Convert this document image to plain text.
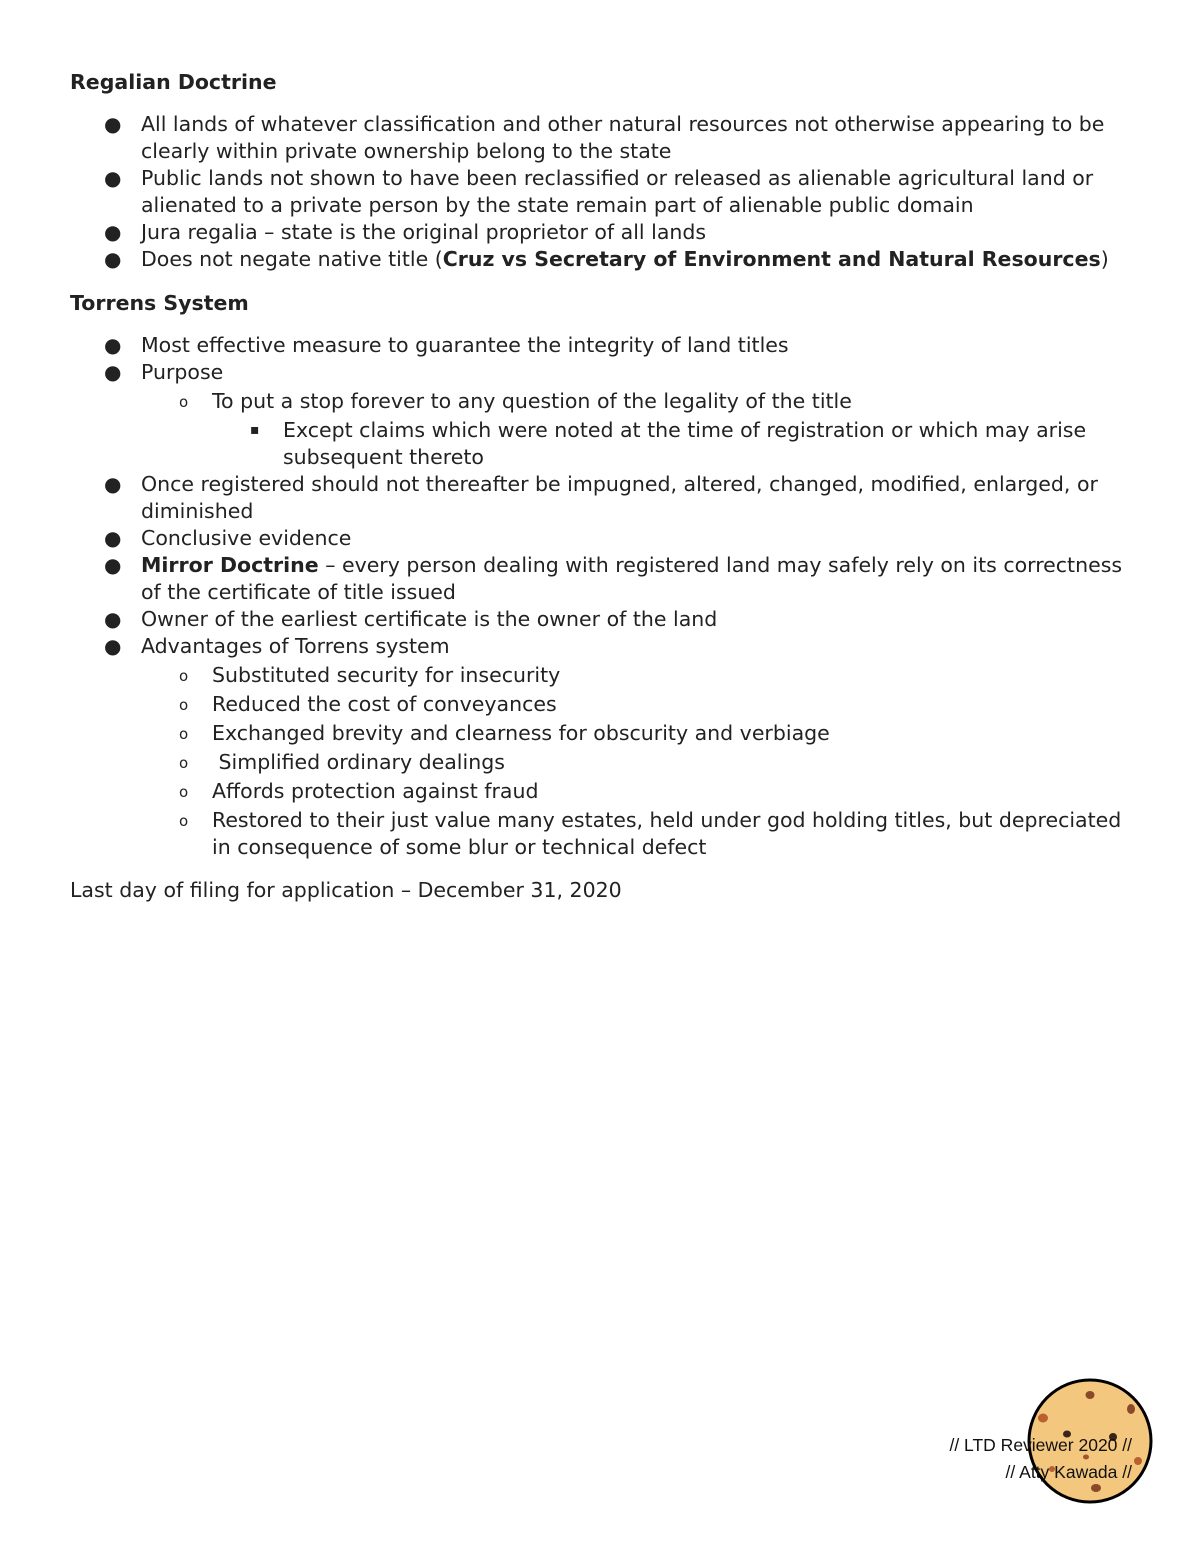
Regalian Doctrine
● All lands of whatever classification and other natural resources not otherwise appearing to be clearly within private ownership belong to the state
● Public lands not shown to have been reclassified or released as alienable agricultural land or alienated to a private person by the state remain part of alienable public domain
● Jura regalia – state is the original proprietor of all lands
● Does not negate native title (Cruz vs Secretary of Environment and Natural Resources)
Torrens System
● Most effective measure to guarantee the integrity of land titles
● Purpose
o To put a stop forever to any question of the legality of the title
▪ Except claims which were noted at the time of registration or which may arise subsequent thereto
● Once registered should not thereafter be impugned, altered, changed, modified, enlarged, or diminished
● Conclusive evidence
● Mirror Doctrine – every person dealing with registered land may safely rely on its correctness of the certificate of title issued
● Owner of the earliest certificate is the owner of the land
● Advantages of Torrens system
o Substituted security for insecurity
o Reduced the cost of conveyances
o Exchanged brevity and clearness for obscurity and verbiage
o Simplified ordinary dealings
o Affords protection against fraud
o Restored to their just value many estates, held under god holding titles, but depreciated in consequence of some blur or technical defect
Last day of filing for application – December 31, 2020
// LTD Reviewer 2020 //
// Atty Kawada //
